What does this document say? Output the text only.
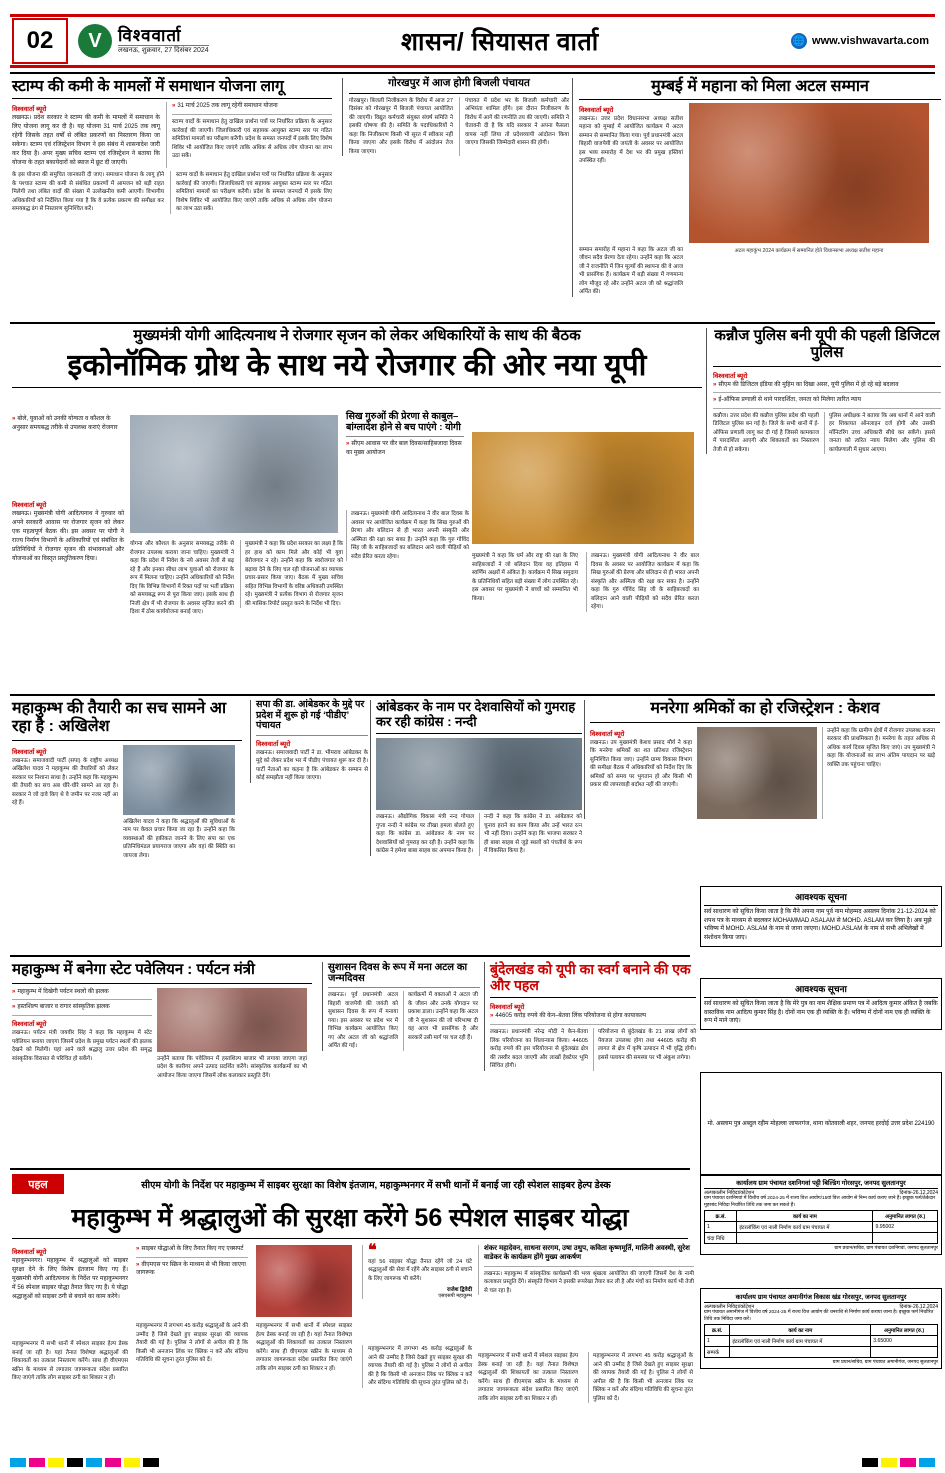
02	V विश्ववार्ता
लखनऊ, शुक्रवार, 27 दिसंबर 2024	शासन/ सियासत वार्ता	🌐 www.vishwavarta.com
स्टाम्प की कमी के मामलों में समाधान योजना लागू
विश्ववार्ता ब्यूरो
लखनऊ। प्रदेश सरकार ने स्टाम्प की कमी के मामलों में समाधान के लिए योजना लागू कर दी है। यह योजना 31 मार्च 2025 तक लागू रहेगी जिसके तहत वर्षों से लंबित प्रकरणों का निस्तारण किया जा सकेगा। स्टाम्प एवं रजिस्ट्रेशन विभाग ने इस संबंध में शासनादेश जारी कर दिया है। अपर मुख्य सचिव स्टाम्प एवं रजिस्ट्रेशन ने बताया कि योजना के तहत बकायेदारों को ब्याज में छूट दी जाएगी।
» 31 मार्च 2025 तक लागू रहेगी समाधान योजना
स्टाम्प वादों के समाधान हेतु दाखिल प्रार्थना पत्रों पर निर्धारित प्रक्रिया के अनुसार कार्रवाई की जाएगी। जिलाधिकारी एवं सहायक आयुक्त स्टाम्प स्तर पर गठित समितियां मामलों का परीक्षण करेंगी। प्रदेश के समस्त जनपदों में इसके लिए विशेष शिविर भी आयोजित किए जाएंगे ताकि अधिक से अधिक लोग योजना का लाभ उठा सकें।
के इस योजना की समुचित जानकारी दी जाए। समाधान योजना के लागू होने के पश्चात स्टाम्प की कमी से संबंधित प्रकरणों में आमजन को बड़ी राहत मिलेगी तथा लंबित वादों की संख्या में उल्लेखनीय कमी आएगी। विभागीय अधिकारियों को निर्देशित किया गया है कि वे प्रत्येक प्रकरण की समीक्षा कर समयबद्ध ढंग से निस्तारण सुनिश्चित करें।
स्टाम्प वादों के समाधान हेतु दाखिल प्रार्थना पत्रों पर निर्धारित प्रक्रिया के अनुसार कार्रवाई की जाएगी। जिलाधिकारी एवं सहायक आयुक्त स्टाम्प स्तर पर गठित समितियां मामलों का परीक्षण करेंगी। प्रदेश के समस्त जनपदों में इसके लिए विशेष शिविर भी आयोजित किए जाएंगे ताकि अधिक से अधिक लोग योजना का लाभ उठा सकें।
गोरखपुर में आज होगी बिजली पंचायत
गोरखपुर। बिजली निजीकरण के विरोध में आज 27 दिसंबर को गोरखपुर में बिजली पंचायत आयोजित की जाएगी। विद्युत कर्मचारी संयुक्त संघर्ष समिति ने इसकी घोषणा की है। समिति के पदाधिकारियों ने कहा कि निजीकरण किसी भी सूरत में स्वीकार नहीं किया जाएगा और इसके विरोध में आंदोलन तेज किया जाएगा।
पंचायत में प्रदेश भर के बिजली कर्मचारी और अभियंता शामिल होंगे। इस दौरान निजीकरण के विरोध में आगे की रणनीति तय की जाएगी। समिति ने चेतावनी दी है कि यदि सरकार ने अपना फैसला वापस नहीं लिया तो प्रदेशव्यापी आंदोलन किया जाएगा जिसकी जिम्मेदारी शासन की होगी।
मुम्बई में महाना को मिला अटल सम्मान
विश्ववार्ता ब्यूरो
लखनऊ। उत्तर प्रदेश विधानसभा अध्यक्ष सतीश महाना को मुम्बई में आयोजित कार्यक्रम में अटल सम्मान से सम्मानित किया गया। पूर्व प्रधानमंत्री अटल बिहारी वाजपेयी की जयंती के अवसर पर आयोजित इस भव्य समारोह में देश भर की प्रमुख हस्तियां उपस्थित रहीं।
सम्मान समारोह में महाना ने कहा कि अटल जी का जीवन सदैव प्रेरणा देता रहेगा। उन्होंने कहा कि अटल जी ने राजनीति में जिन मूल्यों की स्थापना की वे आज भी प्रासंगिक हैं। कार्यक्रम में बड़ी संख्या में गणमान्य लोग मौजूद रहे और उन्होंने अटल जी को श्रद्धांजलि अर्पित की।
अटल महाकुंभ 2024 कार्यक्रम में सम्मानित होते विधानसभा अध्यक्ष सतीश महाना
मुख्यमंत्री योगी आदित्यनाथ ने रोजगार सृजन को लेकर अधिकारियों के साथ की बैठक
इकोनॉमिक ग्रोथ के साथ नये रोजगार की ओर नया यूपी
कन्नौज पुलिस बनी यूपी की पहली डिजिटल पुलिस
विश्ववार्ता ब्यूरो
» सीएम की डिजिटल इंडिया की मुहिम का दिखा असर, यूपी पुलिस में हो रहे बड़े बदलाव
» ई-ऑफिस प्रणाली से थाने पारदर्शिता, जनता को मिलेगा त्वरित न्याय
कन्नौज। उत्तर प्रदेश की कन्नौज पुलिस प्रदेश की पहली डिजिटल पुलिस बन गई है। जिले के सभी थानों में ई-ऑफिस प्रणाली लागू कर दी गई है जिससे कामकाज में पारदर्शिता आएगी और शिकायतों का निस्तारण तेजी से हो सकेगा।
पुलिस अधीक्षक ने बताया कि अब थानों में आने वाली हर शिकायत ऑनलाइन दर्ज होगी और उसकी मॉनिटरिंग उच्च अधिकारी सीधे कर सकेंगे। इससे जनता को त्वरित न्याय मिलेगा और पुलिस की कार्यप्रणाली में सुधार आएगा।
» बोले, युवाओं को उनकी योग्यता व कौशल के अनुसार समयबद्ध तरीके से उपलब्ध कराएं रोजगार
सिख गुरुओं की प्रेरणा से काबुल–बांग्लादेश होने से बच पाएंगे : योगी
» सीएम आवास पर वीर बाल दिवस/साहिबजादा दिवस का मुख्य आयोजन
विश्ववार्ता ब्यूरो
लखनऊ। मुख्यमंत्री योगी आदित्यनाथ ने गुरुवार को अपने सरकारी आवास पर रोजगार सृजन को लेकर एक महत्वपूर्ण बैठक की। इस अवसर पर योगी ने राज्य निर्माण विभागों के अधिकारियों एवं संबंधित के प्रतिनिधियों ने रोजगार सृजन की संभावनाओं और योजनाओं का विस्तृत प्रस्तुतिकरण दिया।
योगना और कौशल के अनुसार समयबद्ध तरीके से रोजगार उपलब्ध कराया जाना चाहिए। मुख्यमंत्री ने कहा कि प्रदेश में निवेश के नये अवसर तेजी से बढ़ रहे हैं और इनका सीधा लाभ युवाओं को रोजगार के रूप में मिलना चाहिए। उन्होंने अधिकारियों को निर्देश दिए कि विभिन्न विभागों में रिक्त पदों पर भर्ती प्रक्रिया को समयबद्ध रूप से पूरा किया जाए। इसके साथ ही निजी क्षेत्र में भी रोजगार के अवसर सृजित करने की दिशा में ठोस कार्ययोजना बनाई जाए।
मुख्यमंत्री ने कहा कि प्रदेश सरकार का लक्ष्य है कि हर हाथ को काम मिले और कोई भी युवा बेरोजगार न रहे। उन्होंने कहा कि स्वरोजगार को बढ़ावा देने के लिए चल रही योजनाओं का व्यापक प्रचार-प्रसार किया जाए। बैठक में मुख्य सचिव सहित विभिन्न विभागों के वरिष्ठ अधिकारी उपस्थित रहे। मुख्यमंत्री ने प्रत्येक विभाग से रोजगार सृजन की मासिक रिपोर्ट प्रस्तुत करने के निर्देश भी दिए।
लखनऊ। मुख्यमंत्री योगी आदित्यनाथ ने वीर बाल दिवस के अवसर पर आयोजित कार्यक्रम में कहा कि सिख गुरुओं की प्रेरणा और बलिदान से ही भारत अपनी संस्कृति और अस्मिता की रक्षा कर सका है। उन्होंने कहा कि गुरु गोविंद सिंह जी के साहिबजादों का बलिदान आने वाली पीढ़ियों को सदैव प्रेरित करता रहेगा।	मुख्यमंत्री ने कहा कि धर्म और राष्ट्र की रक्षा के लिए साहिबजादों ने जो बलिदान दिया वह इतिहास में स्वर्णिम अक्षरों में अंकित है। कार्यक्रम में सिख समुदाय के प्रतिनिधियों सहित बड़ी संख्या में लोग उपस्थित रहे। इस अवसर पर मुख्यमंत्री ने बच्चों को सम्मानित भी किया।
लखनऊ। मुख्यमंत्री योगी आदित्यनाथ ने वीर बाल दिवस के अवसर पर आयोजित कार्यक्रम में कहा कि सिख गुरुओं की प्रेरणा और बलिदान से ही भारत अपनी संस्कृति और अस्मिता की रक्षा कर सका है। उन्होंने कहा कि गुरु गोविंद सिंह जी के साहिबजादों का बलिदान आने वाली पीढ़ियों को सदैव प्रेरित करता रहेगा।
महाकुम्भ की तैयारी का सच सामने आ रहा है : अखिलेश
विश्ववार्ता ब्यूरो
लखनऊ। समाजवादी पार्टी (सपा) के राष्ट्रीय अध्यक्ष अखिलेश यादव ने महाकुम्भ की तैयारियों को लेकर सरकार पर निशाना साधा है। उन्होंने कहा कि महाकुम्भ की तैयारी का सच अब धीरे-धीरे सामने आ रहा है। सरकार ने जो दावे किए थे वे जमीन पर नजर नहीं आ रहे हैं।
अखिलेश यादव ने कहा कि श्रद्धालुओं की सुविधाओं के नाम पर केवल प्रचार किया जा रहा है। उन्होंने कहा कि व्यवस्थाओं की हकीकत जानने के लिए सपा का एक प्रतिनिधिमंडल प्रयागराज जाएगा और वहां की स्थिति का जायजा लेगा।
सपा की डा. आंबेडकर के मुद्दे पर प्रदेश में शुरू हो गई ‘पीडीए’ पंचायत
विश्ववार्ता ब्यूरो
लखनऊ। समाजवादी पार्टी ने डा. भीमराव आंबेडकर के मुद्दे को लेकर प्रदेश भर में पीडीए पंचायत शुरू कर दी है। पार्टी नेताओं का कहना है कि आंबेडकर के सम्मान से कोई समझौता नहीं किया जाएगा।
आंबेडकर के नाम पर देशवासियों को गुमराह कर रही कांग्रेस : नन्दी
लखनऊ। औद्योगिक विकास मंत्री नन्द गोपाल गुप्ता नन्दी ने कांग्रेस पर तीखा हमला बोलते हुए कहा कि कांग्रेस डा. आंबेडकर के नाम पर देशवासियों को गुमराह कर रही है। उन्होंने कहा कि कांग्रेस ने हमेशा बाबा साहब का अपमान किया है।
नन्दी ने कहा कि कांग्रेस ने डा. आंबेडकर को चुनाव हराने का काम किया और उन्हें भारत रत्न भी नहीं दिया। उन्होंने कहा कि भाजपा सरकार ने ही बाबा साहब से जुड़े स्थलों को पंचतीर्थ के रूप में विकसित किया है।
मनरेगा श्रमिकों का हो रजिस्ट्रेशन : केशव
विश्ववार्ता ब्यूरो
लखनऊ। उप मुख्यमंत्री केशव प्रसाद मौर्य ने कहा कि मनरेगा श्रमिकों का शत प्रतिशत रजिस्ट्रेशन सुनिश्चित किया जाए। उन्होंने ग्राम्य विकास विभाग की समीक्षा बैठक में अधिकारियों को निर्देश दिए कि श्रमिकों को समय पर भुगतान हो और किसी भी प्रकार की लापरवाही बर्दाश्त नहीं की जाएगी।
उन्होंने कहा कि ग्रामीण क्षेत्रों में रोजगार उपलब्ध कराना सरकार की प्राथमिकता है। मनरेगा के तहत अधिक से अधिक कार्य दिवस सृजित किए जाएं। उप मुख्यमंत्री ने कहा कि योजनाओं का लाभ अंतिम पायदान पर खड़े व्यक्ति तक पहुंचना चाहिए।
आवश्यक सूचना
सर्व साधारण को सूचित किया जाता है कि मैंने अपना नाम पूर्व नाम मोहम्मद असलम दिनांक 21-12-2024 को शपथ पत्र के माध्यम से बदलकर MOHAMMAD ASALAM से MOHD. ASLAM कर लिया है। अब मुझे भविष्य में MOHD. ASLAM के नाम से जाना जाएगा। MOHD.ASLAM के नाम से सभी अभिलेखों में संशोधन किया जाए।
आवश्यक सूचना
सर्व साधारण को सूचित किया जाता है कि मेरे पुत्र का नाम शैक्षिक प्रमाण पत्र में आदित्य कुमार अंकित है जबकि वास्तविक नाम आदित्य कुमार सिंह है। दोनों नाम एक ही व्यक्ति के हैं। भविष्य में दोनों नाम एक ही व्यक्ति के रूप में माने जाएं।
महाकुम्भ में बनेगा स्टेट पवेलियन : पर्यटन मंत्री
» महाकुम्भ में दिखेगी पर्यटन स्थलों की झलक
» हस्तशिल्प बाजार व रागार सांस्कृतिक झलक
विश्ववार्ता ब्यूरो
लखनऊ। पर्यटन मंत्री जयवीर सिंह ने कहा कि महाकुम्भ में स्टेट पवेलियन बनाया जाएगा जिसमें प्रदेश के प्रमुख पर्यटन स्थलों की झलक देखने को मिलेगी। यहां आने वाले श्रद्धालु उत्तर प्रदेश की समृद्ध सांस्कृतिक विरासत से परिचित हो सकेंगे।	उन्होंने बताया कि पवेलियन में हस्तशिल्प बाजार भी लगाया जाएगा जहां प्रदेश के कारीगर अपने उत्पाद प्रदर्शित करेंगे। सांस्कृतिक कार्यक्रमों का भी आयोजन किया जाएगा जिसमें लोक कलाकार प्रस्तुति देंगे।
सुशासन दिवस के रूप में मना अटल का जन्मदिवस
लखनऊ। पूर्व प्रधानमंत्री अटल बिहारी वाजपेयी की जयंती को सुशासन दिवस के रूप में मनाया गया। इस अवसर पर प्रदेश भर में विभिन्न कार्यक्रम आयोजित किए गए और अटल जी को श्रद्धांजलि अर्पित की गई।
कार्यक्रमों में वक्ताओं ने अटल जी के जीवन और उनके योगदान पर प्रकाश डाला। उन्होंने कहा कि अटल जी ने सुशासन की जो परिभाषा दी वह आज भी प्रासंगिक है और सरकारें उसी मार्ग पर चल रही हैं।
बुंदेलखंड को यूपी का स्वर्ग बनाने की एक और पहल
विश्ववार्ता ब्यूरो
» 44605 करोड़ रुपये की केन–बेतवा लिंक परियोजना से होगा कायाकल्प
लखनऊ। प्रधानमंत्री नरेन्द्र मोदी ने केन-बेतवा लिंक परियोजना का शिलान्यास किया। 44605 करोड़ रुपये की इस परियोजना से बुंदेलखंड क्षेत्र की तस्वीर बदल जाएगी और लाखों हेक्टेयर भूमि सिंचित होगी।
परियोजना से बुंदेलखंड के 21 लाख लोगों को पेयजल उपलब्ध होगा तथा 44605 करोड़ की लागत से क्षेत्र में कृषि उत्पादन में भी वृद्धि होगी। इससे पलायन की समस्या पर भी अंकुश लगेगा।
मो. अस्लाम पुत्र अब्दुल रहीम मोहल्ला जाफरगंज, थाना कोतवाली शहर, जनपद हरदोई उत्तर प्रदेश 224190
कार्यालय ग्राम पंचायत दशनिगवां पट्टी बिल्डिंग गोरसपुर, जनपद सुलतानपुर
अल्पकालीन निविदा/कोटेशन	दिनांक-26.12.2024
ग्राम पंचायत दशनिगवां में वित्तीय वर्ष 2024-25 में राज्य वित्त आयोग/15वां वित्त आयोग से निम्न कार्य कराए जाने हैं। इच्छुक फर्म/ठेकेदार मुहरबंद निविदा निर्धारित तिथि तक जमा कर सकते हैं।
क्र.सं.	कार्य का नाम	अनुमानित लागत (रु.)
1	इंटरलॉकिंग एवं नाली निर्माण कार्य ग्राम पंचायत में	9.95002
चंदा निधि		
ग्राम प्रधान/सचिव, ग्राम पंचायत दशनिगवां, जनपद सुलतानपुर
कार्यालय ग्राम पंचायत अमानीगंज विकास खंड गोरसपुर, जनपद सुलतानपुर
अल्पकालीन निविदा/कोटेशन	दिनांक-26.12.2024
ग्राम पंचायत अमानीगंज में वित्तीय वर्ष 2024-25 में राज्य वित्त आयोग की धनराशि से निर्माण कार्य कराया जाना है। इच्छुक फर्म निर्धारित तिथि तक निविदा जमा करें।
क्र.सं.	कार्य का नाम	अनुमानित लागत (रु.)
1	इंटरलॉकिंग एवं नाली निर्माण कार्य ग्राम पंचायत में	3.65000
सम्पर्क		
ग्राम प्रधान/सचिव, ग्राम पंचायत अमानीगंज, जनपद सुलतानपुर
पहल	सीएम योगी के निर्देश पर महाकुम्भ में साइबर सुरक्षा का विशेष इंतजाम, महाकुम्भनगर में सभी थानों में बनाई जा रही स्पेशल साइबर हेल्प डेस्क
महाकुम्भ में श्रद्धालुओं की सुरक्षा करेंगे 56 स्पेशल साइबर योद्धा
विश्ववार्ता ब्यूरो
महाकुम्भनगर। महाकुम्भ में श्रद्धालुओं को साइबर सुरक्षा देने के लिए विशेष इंतजाम किए गए हैं। मुख्यमंत्री योगी आदित्यनाथ के निर्देश पर महाकुम्भनगर में 56 स्पेशल साइबर योद्धा तैनात किए गए हैं। ये योद्धा श्रद्धालुओं को साइबर ठगी से बचाने का काम करेंगे।
» साइबर योद्धाओं के लिए तैनात किए गए एक्सपर्ट
» वीएमएस पर स्क्रिन के माध्यम से भी किया जाएगा जागरूक
❝
यहां 56 साइबर योद्धा तैनात रहेंगे जो 24 घंटे श्रद्धालुओं की सेवा में रहेंगे और साइबर ठगी से बचाने के लिए जागरूक भी करेंगे।
राजेश द्विवेदी
एसएसपी महाकुम्भ
शंकर महादेवन, साधना सरगम, उषा उथुप, कविता कृष्णमूर्ति, मालिनी अवस्थी, सुरेश वाडेकर के कार्यक्रम होंगे मुख्य आकर्षण
लखनऊ। महाकुम्भ में सांस्कृतिक कार्यक्रमों की भव्य श्रृंखला आयोजित की जाएगी जिसमें देश के नामी कलाकार प्रस्तुति देंगे। संस्कृति विभाग ने इसकी रूपरेखा तैयार कर ली है और मंचों का निर्माण कार्य भी तेजी से चल रहा है।
महाकुम्भनगर में सभी थानों में स्पेशल साइबर हेल्प डेस्क बनाई जा रही है। यहां तैनात विशेषज्ञ श्रद्धालुओं की शिकायतों का तत्काल निस्तारण करेंगे। साथ ही वीएमएस स्क्रीन के माध्यम से लगातार जागरूकता संदेश प्रसारित किए जाएंगे ताकि लोग साइबर ठगी का शिकार न हों।
महाकुम्भनगर में लगभग 45 करोड़ श्रद्धालुओं के आने की उम्मीद है जिसे देखते हुए साइबर सुरक्षा की व्यापक तैयारी की गई है। पुलिस ने लोगों से अपील की है कि किसी भी अनजान लिंक पर क्लिक न करें और संदिग्ध गतिविधि की सूचना तुरंत पुलिस को दें।
महाकुम्भनगर में सभी थानों में स्पेशल साइबर हेल्प डेस्क बनाई जा रही है। यहां तैनात विशेषज्ञ श्रद्धालुओं की शिकायतों का तत्काल निस्तारण करेंगे। साथ ही वीएमएस स्क्रीन के माध्यम से लगातार जागरूकता संदेश प्रसारित किए जाएंगे ताकि लोग साइबर ठगी का शिकार न हों।
महाकुम्भनगर में लगभग 45 करोड़ श्रद्धालुओं के आने की उम्मीद है जिसे देखते हुए साइबर सुरक्षा की व्यापक तैयारी की गई है। पुलिस ने लोगों से अपील की है कि किसी भी अनजान लिंक पर क्लिक न करें और संदिग्ध गतिविधि की सूचना तुरंत पुलिस को दें।
महाकुम्भनगर में सभी थानों में स्पेशल साइबर हेल्प डेस्क बनाई जा रही है। यहां तैनात विशेषज्ञ श्रद्धालुओं की शिकायतों का तत्काल निस्तारण करेंगे। साथ ही वीएमएस स्क्रीन के माध्यम से लगातार जागरूकता संदेश प्रसारित किए जाएंगे ताकि लोग साइबर ठगी का शिकार न हों।
महाकुम्भनगर में लगभग 45 करोड़ श्रद्धालुओं के आने की उम्मीद है जिसे देखते हुए साइबर सुरक्षा की व्यापक तैयारी की गई है। पुलिस ने लोगों से अपील की है कि किसी भी अनजान लिंक पर क्लिक न करें और संदिग्ध गतिविधि की सूचना तुरंत पुलिस को दें।
